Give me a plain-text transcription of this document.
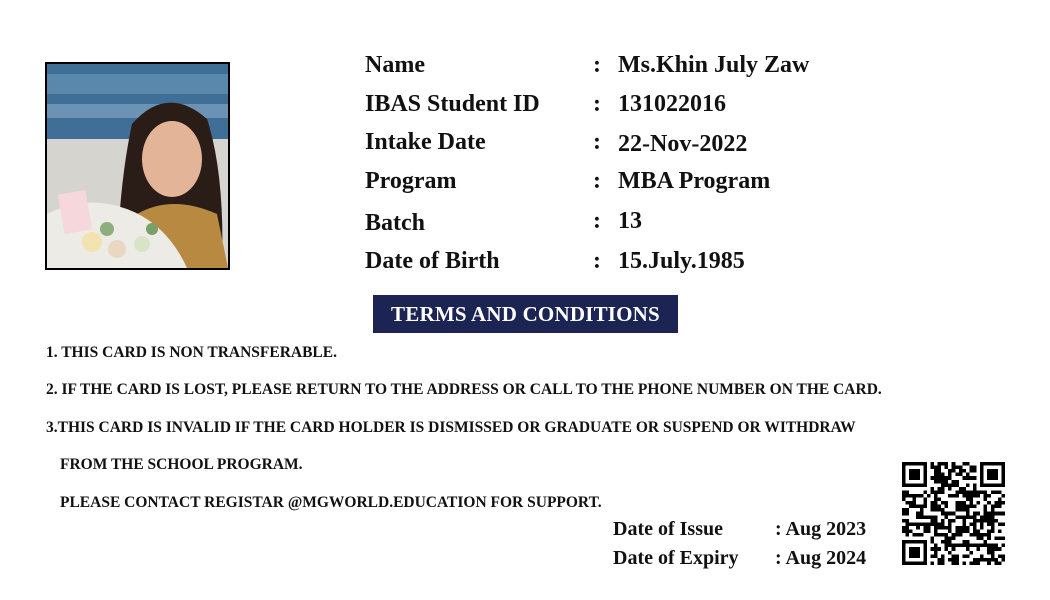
Name	: Ms.Khin July Zaw
IBAS Student ID : 131022016
Intake Date	: 22-Nov-2022
Program	: MBA Program
Batch	: 13
Date of Birth	: 15.July.1985
TERMS AND CONDITIONS
1. THIS CARD IS NON TRANSFERABLE.
2. IF THE CARD IS LOST, PLEASE RETURN TO THE ADDRESS OR CALL TO THE PHONE NUMBER ON THE CARD.
3.THIS CARD IS INVALID IF THE CARD HOLDER IS DISMISSED OR GRADUATE OR SUSPEND OR WITHDRAW
FROM THE SCHOOL PROGRAM.
PLEASE CONTACT REGISTAR @MGWORLD.EDUCATION FOR SUPPORT.
Date of Issue	: Aug 2023
Date of Expiry : Aug 2024
